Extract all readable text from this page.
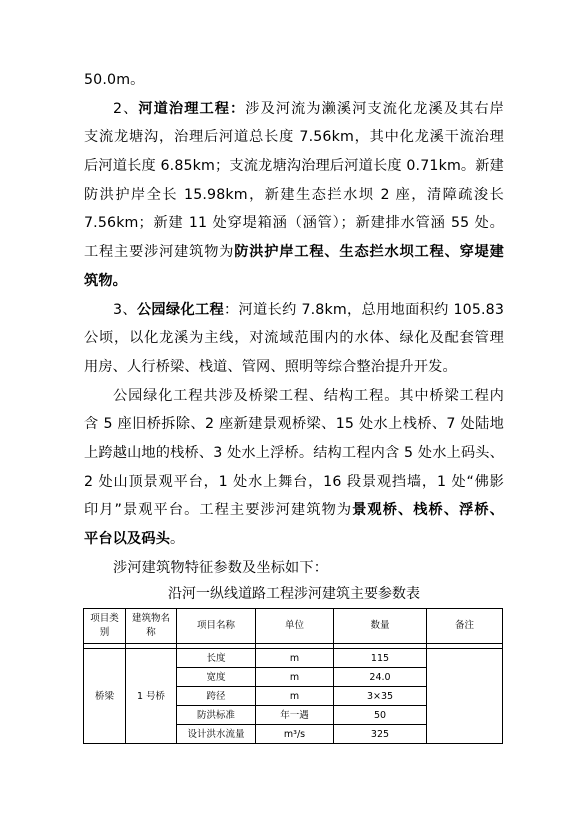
50.0m。
2、河道治理工程：涉及河流为濑溪河支流化龙溪及其右岸
支流龙塘沟，治理后河道总长度 7.56km，其中化龙溪干流治理
后河道长度 6.85km；支流龙塘沟治理后河道长度 0.71km。新建
防洪护岸全长 15.98km，新建生态拦水坝 2 座，清障疏浚长
7.56km；新建 11 处穿堤箱涵（涵管）；新建排水管涵 55 处。
工程主要涉河建筑物为防洪护岸工程、生态拦水坝工程、穿堤建
筑物。
3、公园绿化工程：河道长约 7.8km，总用地面积约 105.83
公顷，以化龙溪为主线，对流域范围内的水体、绿化及配套管理
用房、人行桥梁、栈道、管网、照明等综合整治提升开发。
公园绿化工程共涉及桥梁工程、结构工程。其中桥梁工程内
含 5 座旧桥拆除、2 座新建景观桥梁、15 处水上栈桥、7 处陆地
上跨越山地的栈桥、3 处水上浮桥。结构工程内含 5 处水上码头、
2 处山顶景观平台，1 处水上舞台，16 段景观挡墙，1 处“佛影
印月”景观平台。工程主要涉河建筑物为景观桥、栈桥、浮桥、
平台以及码头。
涉河建筑物特征参数及坐标如下：
沿河一纵线道路工程涉河建筑主要参数表
项目类别	建筑物名称	项目名称	单位	数量	备注

桥梁	1 号桥	长度	m	115	
		宽度	m	24.0	
		跨径	m	3×35	
		防洪标准	年一遇	50	
		设计洪水流量	m³/s	325	
